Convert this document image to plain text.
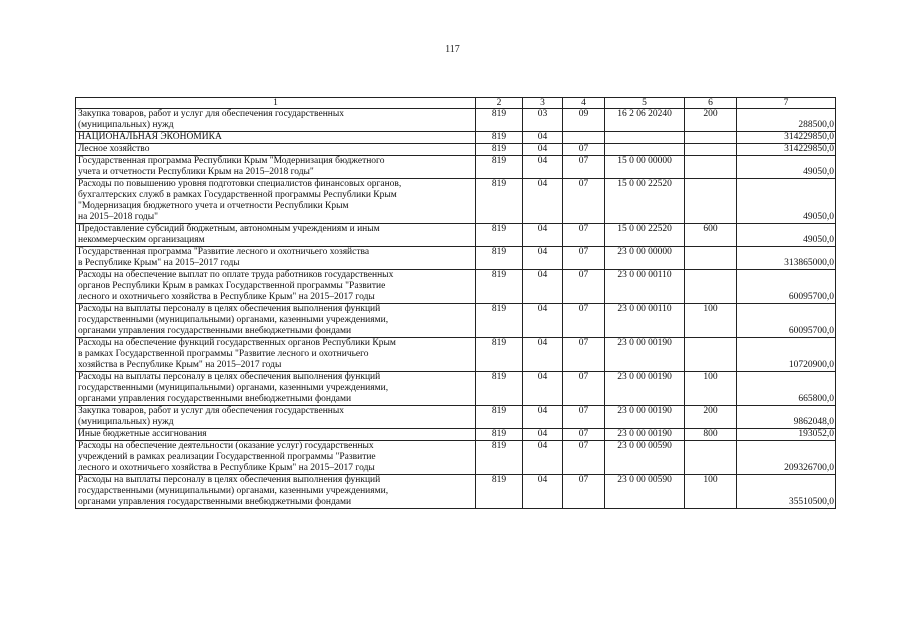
117
1	2	3	4	5	6	7
Закупка товаров, работ и услуг для обеспечения государственных
(муниципальных) нужд	819	03	09	16 2 06 20240	200	288500,0
НАЦИОНАЛЬНАЯ ЭКОНОМИКА	819	04				314229850,0
Лесное хозяйство	819	04	07			314229850,0
Государственная программа Республики Крым "Модернизация бюджетного
учета и отчетности Республики Крым на 2015–2018 годы"	819	04	07	15 0 00 00000		49050,0
Расходы по повышению уровня подготовки специалистов финансовых органов,
бухгалтерских служб в рамках Государственной программы Республики Крым
"Модернизация бюджетного учета и отчетности Республики Крым
на 2015–2018 годы"	819	04	07	15 0 00 22520		49050,0
Предоставление субсидий бюджетным, автономным учреждениям и иным
некоммерческим организациям	819	04	07	15 0 00 22520	600	49050,0
Государственная программа "Развитие лесного и охотничьего хозяйства
в Республике Крым" на 2015–2017 годы	819	04	07	23 0 00 00000		313865000,0
Расходы на обеспечение выплат по оплате труда работников государственных
органов Республики Крым в рамках Государственной программы "Развитие
лесного и охотничьего хозяйства в Республике Крым" на 2015–2017 годы	819	04	07	23 0 00 00110		60095700,0
Расходы на выплаты персоналу в целях обеспечения выполнения функций
государственными (муниципальными) органами, казенными учреждениями,
органами управления государственными внебюджетными фондами	819	04	07	23 0 00 00110	100	60095700,0
Расходы на обеспечение функций государственных органов Республики Крым
в рамках Государственной программы "Развитие лесного и охотничьего
хозяйства в Республике Крым" на 2015–2017 годы	819	04	07	23 0 00 00190		10720900,0
Расходы на выплаты персоналу в целях обеспечения выполнения функций
государственными (муниципальными) органами, казенными учреждениями,
органами управления государственными внебюджетными фондами	819	04	07	23 0 00 00190	100	665800,0
Закупка товаров, работ и услуг для обеспечения государственных
(муниципальных) нужд	819	04	07	23 0 00 00190	200	9862048,0
Иные бюджетные ассигнования	819	04	07	23 0 00 00190	800	193052,0
Расходы на обеспечение деятельности (оказание услуг) государственных
учреждений в рамках реализации Государственной программы "Развитие
лесного и охотничьего хозяйства в Республике Крым" на 2015–2017 годы	819	04	07	23 0 00 00590		209326700,0
Расходы на выплаты персоналу в целях обеспечения выполнения функций
государственными (муниципальными) органами, казенными учреждениями,
органами управления государственными внебюджетными фондами	819	04	07	23 0 00 00590	100	35510500,0
